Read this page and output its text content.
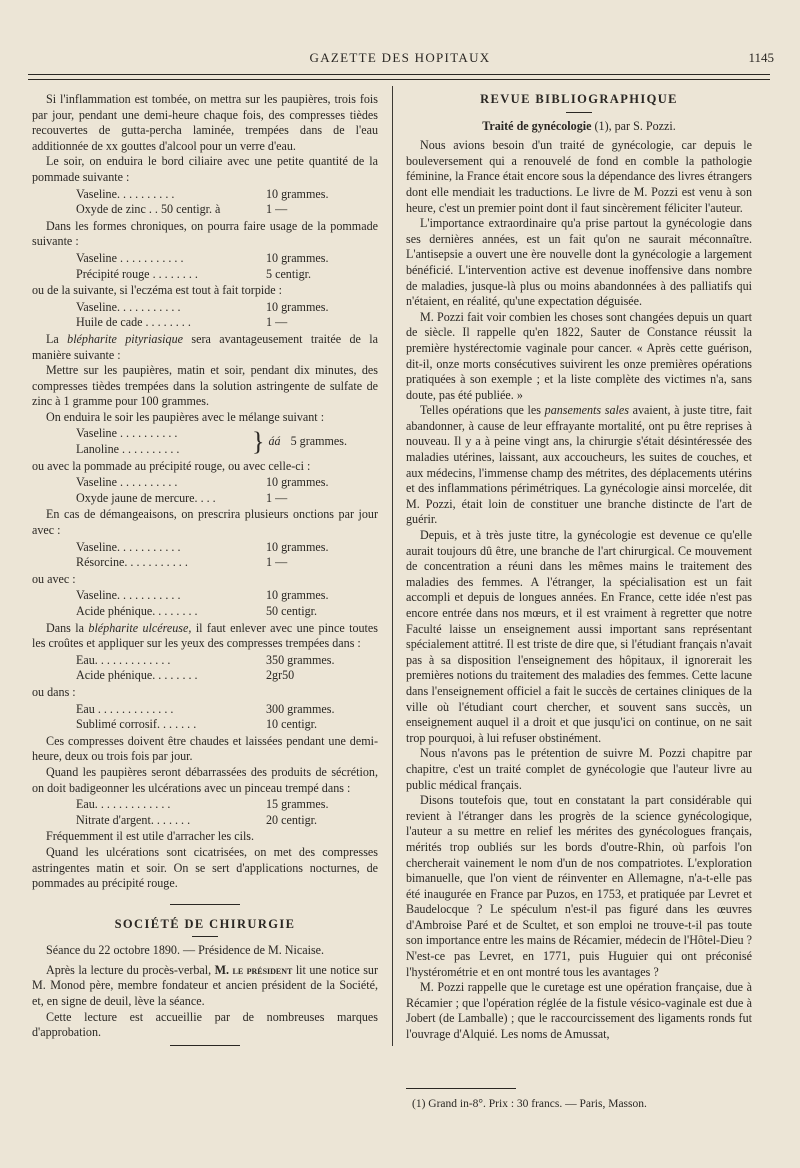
GAZETTE DES HOPITAUX	1145

Si l'inflammation est tombée, on mettra sur les paupières, trois fois par jour, pendant une demi-heure chaque fois, des compresses tièdes recouvertes de gutta-percha laminée, trempées dans de l'eau additionnée de xx gouttes d'alcool pour un verre d'eau.

Le soir, on enduira le bord ciliaire avec une petite quantité de la pommade suivante :

Vaseline. . . . . . . . . .	10 grammes.
Oxyde de zinc . . 50 centigr. à	1 —

Dans les formes chroniques, on pourra faire usage de la pommade suivante :

Vaseline . . . . . . . . . . .	10 grammes.
Précipité rouge . . . . . . . .	5 centigr.

ou de la suivante, si l'eczéma est tout à fait torpide :

Vaseline. . . . . . . . . . .	10 grammes.
Huile de cade . . . . . . . .	1 —

La blépharite pityriasique sera avantageusement traitée de la manière suivante :

Mettre sur les paupières, matin et soir, pendant dix minutes, des compresses tièdes trempées dans la solution astringente de sulfate de zinc à 1 gramme pour 100 grammes.

On enduira le soir les paupières avec le mélange suivant :

Vaseline . . . . . . . . . .
Lanoline . . . . . . . . . .	} áá 5 grammes.

ou avec la pommade au précipité rouge, ou avec celle-ci :

Vaseline . . . . . . . . . .	10 grammes.
Oxyde jaune de mercure. . . .	1 —

En cas de démangeaisons, on prescrira plusieurs onctions par jour avec :

Vaseline. . . . . . . . . . .	10 grammes.
Résorcine. . . . . . . . . . .	1 —

ou avec :

Vaseline. . . . . . . . . . .	10 grammes.
Acide phénique. . . . . . . .	50 centigr.

Dans la blépharite ulcéreuse, il faut enlever avec une pince toutes les croûtes et appliquer sur les yeux des compresses trempées dans :

Eau. . . . . . . . . . . . .	350 grammes.
Acide phénique. . . . . . . .	2gr50

ou dans :

Eau . . . . . . . . . . . . .	300 grammes.
Sublimé corrosif. . . . . . .	10 centigr.

Ces compresses doivent être chaudes et laissées pendant une demi-heure, deux ou trois fois par jour.

Quand les paupières seront débarrassées des produits de sécrétion, on doit badigeonner les ulcérations avec un pinceau trempé dans :

Eau. . . . . . . . . . . . .	15 grammes.
Nitrate d'argent. . . . . . .	20 centigr.

Fréquemment il est utile d'arracher les cils.

Quand les ulcérations sont cicatrisées, on met des compresses astringentes matin et soir. On se sert d'applications nocturnes, de pommades au précipité rouge.

SOCIÉTÉ DE CHIRURGIE

Séance du 22 octobre 1890. — Présidence de M. Nicaise.

Après la lecture du procès-verbal, M. le président lit une notice sur M. Monod père, membre fondateur et ancien président de la Société, et, en signe de deuil, lève la séance.

Cette lecture est accueillie par de nombreuses marques d'approbation.

REVUE BIBLIOGRAPHIQUE
Traité de gynécologie (1), par S. Pozzi.

Nous avions besoin d'un traité de gynécologie, car depuis le bouleversement qui a renouvelé de fond en comble la pathologie féminine, la France était encore sous la dépendance des livres étrangers dont elle mendiait les traductions. Le livre de M. Pozzi est venu à son heure, c'est un premier point dont il faut sincèrement féliciter l'auteur.

L'importance extraordinaire qu'a prise partout la gynécologie dans ses dernières années, est un fait qu'on ne saurait méconnaître. L'antisepsie a ouvert une ère nouvelle dont la gynécologie a largement bénéficié. L'intervention active est devenue inoffensive dans nombre de maladies, jusque-là plus ou moins abandonnées à des palliatifs qui n'étaient, en réalité, qu'une expectation déguisée.

M. Pozzi fait voir combien les choses sont changées depuis un quart de siècle. Il rappelle qu'en 1822, Sauter de Constance réussit la première hystérectomie vaginale pour cancer. « Après cette guérison, dit-il, onze morts consécutives suivirent les onze premières opérations pratiquées à son exemple ; et la liste complète des victimes n'a, sans doute, pas été publiée. »

Telles opérations que les pansements sales avaient, à juste titre, fait abandonner, à cause de leur effrayante mortalité, ont pu être reprises à nouveau. Il y a à peine vingt ans, la chirurgie s'était désintéressée des maladies utérines, laissant, aux accoucheurs, les suites de couches, et aux médecins, l'immense champ des métrites, des déplacements utérins et des inflammations périmétriques. La gynécologie ainsi morcelée, dit M. Pozzi, était loin de constituer une branche distincte de l'art de guérir.

Depuis, et à très juste titre, la gynécologie est devenue ce qu'elle aurait toujours dû être, une branche de l'art chirurgical. Ce mouvement de concentration a réuni dans les mêmes mains le traitement des maladies des femmes. A l'étranger, la spécialisation est un fait accompli et depuis de longues années. En France, cette idée n'est pas encore entrée dans nos mœurs, et il est vraiment à regretter que notre Faculté laisse un enseignement aussi important sans représentant spécialement attitré. Il est triste de dire que, si l'étudiant français n'avait pas à sa disposition l'enseignement des hôpitaux, il ignorerait les premières notions du traitement des maladies des femmes. Cette lacune dans l'enseignement officiel a fait le succès de certaines cliniques de la ville où l'étudiant court chercher, et souvent sans succès, un enseignement auquel il a droit et que jusqu'ici on continue, on ne sait trop pourquoi, à lui refuser obstinément.

Nous n'avons pas le prétention de suivre M. Pozzi chapitre par chapitre, c'est un traité complet de gynécologie que l'auteur livre au public médical français.

Disons toutefois que, tout en constatant la part considérable qui revient à l'étranger dans les progrès de la science gynécologique, l'auteur a su mettre en relief les mérites des gynécologues français, mérités trop oubliés sur les bords d'outre-Rhin, où parfois l'on chercherait vainement le nom d'un de nos compatriotes. L'exploration bimanuelle, que l'on vient de réinventer en Allemagne, n'a-t-elle pas été inaugurée en France par Puzos, en 1753, et pratiquée par Levret et Baudelocque ? Le spéculum n'est-il pas figuré dans les œuvres d'Ambroise Paré et de Scultet, et son emploi ne trouve-t-il pas toute son importance entre les mains de Récamier, médecin de l'Hôtel-Dieu ? N'est-ce pas Levret, en 1771, puis Huguier qui ont préconisé l'hystérométrie et en ont montré tous les avantages ?

M. Pozzi rappelle que le curetage est une opération française, due à Récamier ; que l'opération réglée de la fistule vésico-vaginale est due à Jobert (de Lamballe) ; que le raccourcissement des ligaments ronds fut l'ouvrage d'Alquié. Les noms de Amussat,

(1) Grand in-8°. Prix : 30 francs. — Paris, Masson.
